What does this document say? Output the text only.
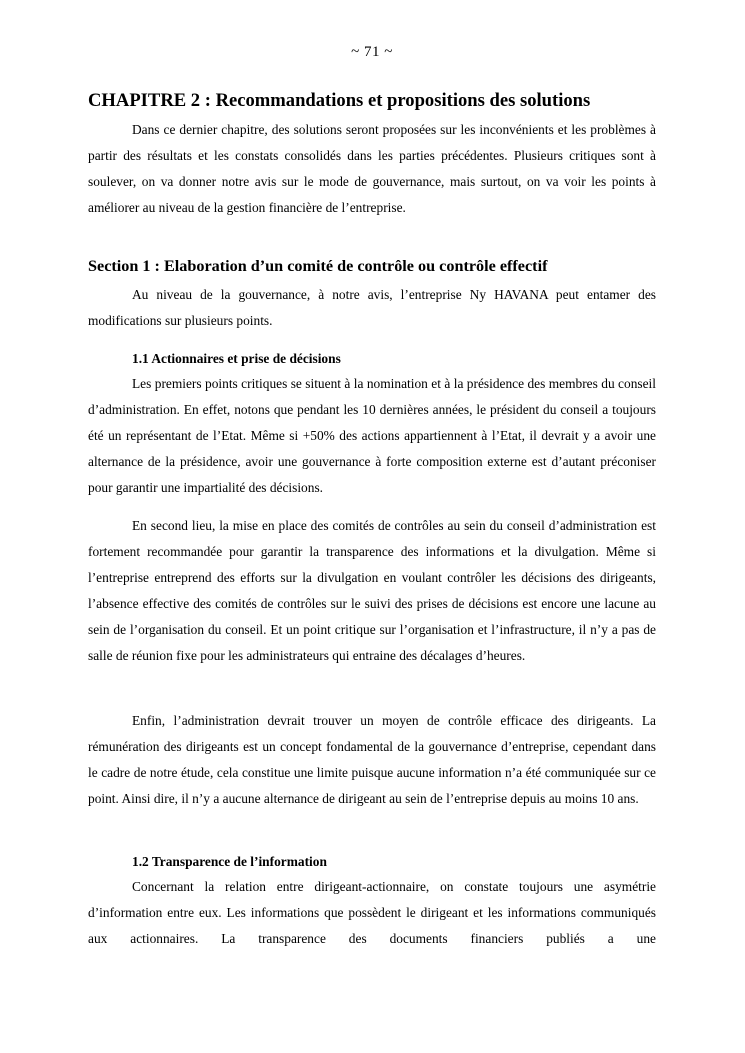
~ 71 ~
CHAPITRE 2 : Recommandations et propositions des solutions

Dans ce dernier chapitre, des solutions seront proposées sur les inconvénients et les problèmes à partir des résultats et les constats consolidés dans les parties précédentes. Plusieurs critiques sont à soulever, on va donner notre avis sur le mode de gouvernance, mais surtout, on va voir les points à améliorer au niveau de la gestion financière de l’entreprise.

Section 1 : Elaboration d’un comité de contrôle ou contrôle effectif

Au niveau de la gouvernance, à notre avis, l’entreprise Ny HAVANA peut entamer des modifications sur plusieurs points.

1.1 Actionnaires et prise de décisions

Les premiers points critiques se situent à la nomination et à la présidence des membres du conseil d’administration. En effet, notons que pendant les 10 dernières années, le président du conseil a toujours été un représentant de l’Etat. Même si +50% des actions appartiennent à l’Etat, il devrait y a avoir une alternance de la présidence, avoir une gouvernance à forte composition externe est d’autant préconiser pour garantir une impartialité des décisions.

En second lieu, la mise en place des comités de contrôles au sein du conseil d’administration est fortement recommandée pour garantir la transparence des informations et la divulgation. Même si l’entreprise entreprend des efforts sur la divulgation en voulant contrôler les décisions des dirigeants, l’absence effective des comités de contrôles sur le suivi des prises de décisions est encore une lacune au sein de l’organisation du conseil. Et un point critique sur l’organisation et l’infrastructure, il n’y a pas de salle de réunion fixe pour les administrateurs qui entraine des décalages d’heures.

Enfin, l’administration devrait trouver un moyen de contrôle efficace des dirigeants. La rémunération des dirigeants est un concept fondamental de la gouvernance d’entreprise, cependant dans le cadre de notre étude, cela constitue une limite puisque aucune information n’a été communiquée sur ce point. Ainsi dire, il n’y a aucune alternance de dirigeant au sein de l’entreprise depuis au moins 10 ans.

1.2 Transparence de l’information

Concernant la relation entre dirigeant-actionnaire, on constate toujours une asymétrie d’information entre eux. Les informations que possèdent le dirigeant et les informations communiqués aux actionnaires. La transparence des documents financiers publiés a une
